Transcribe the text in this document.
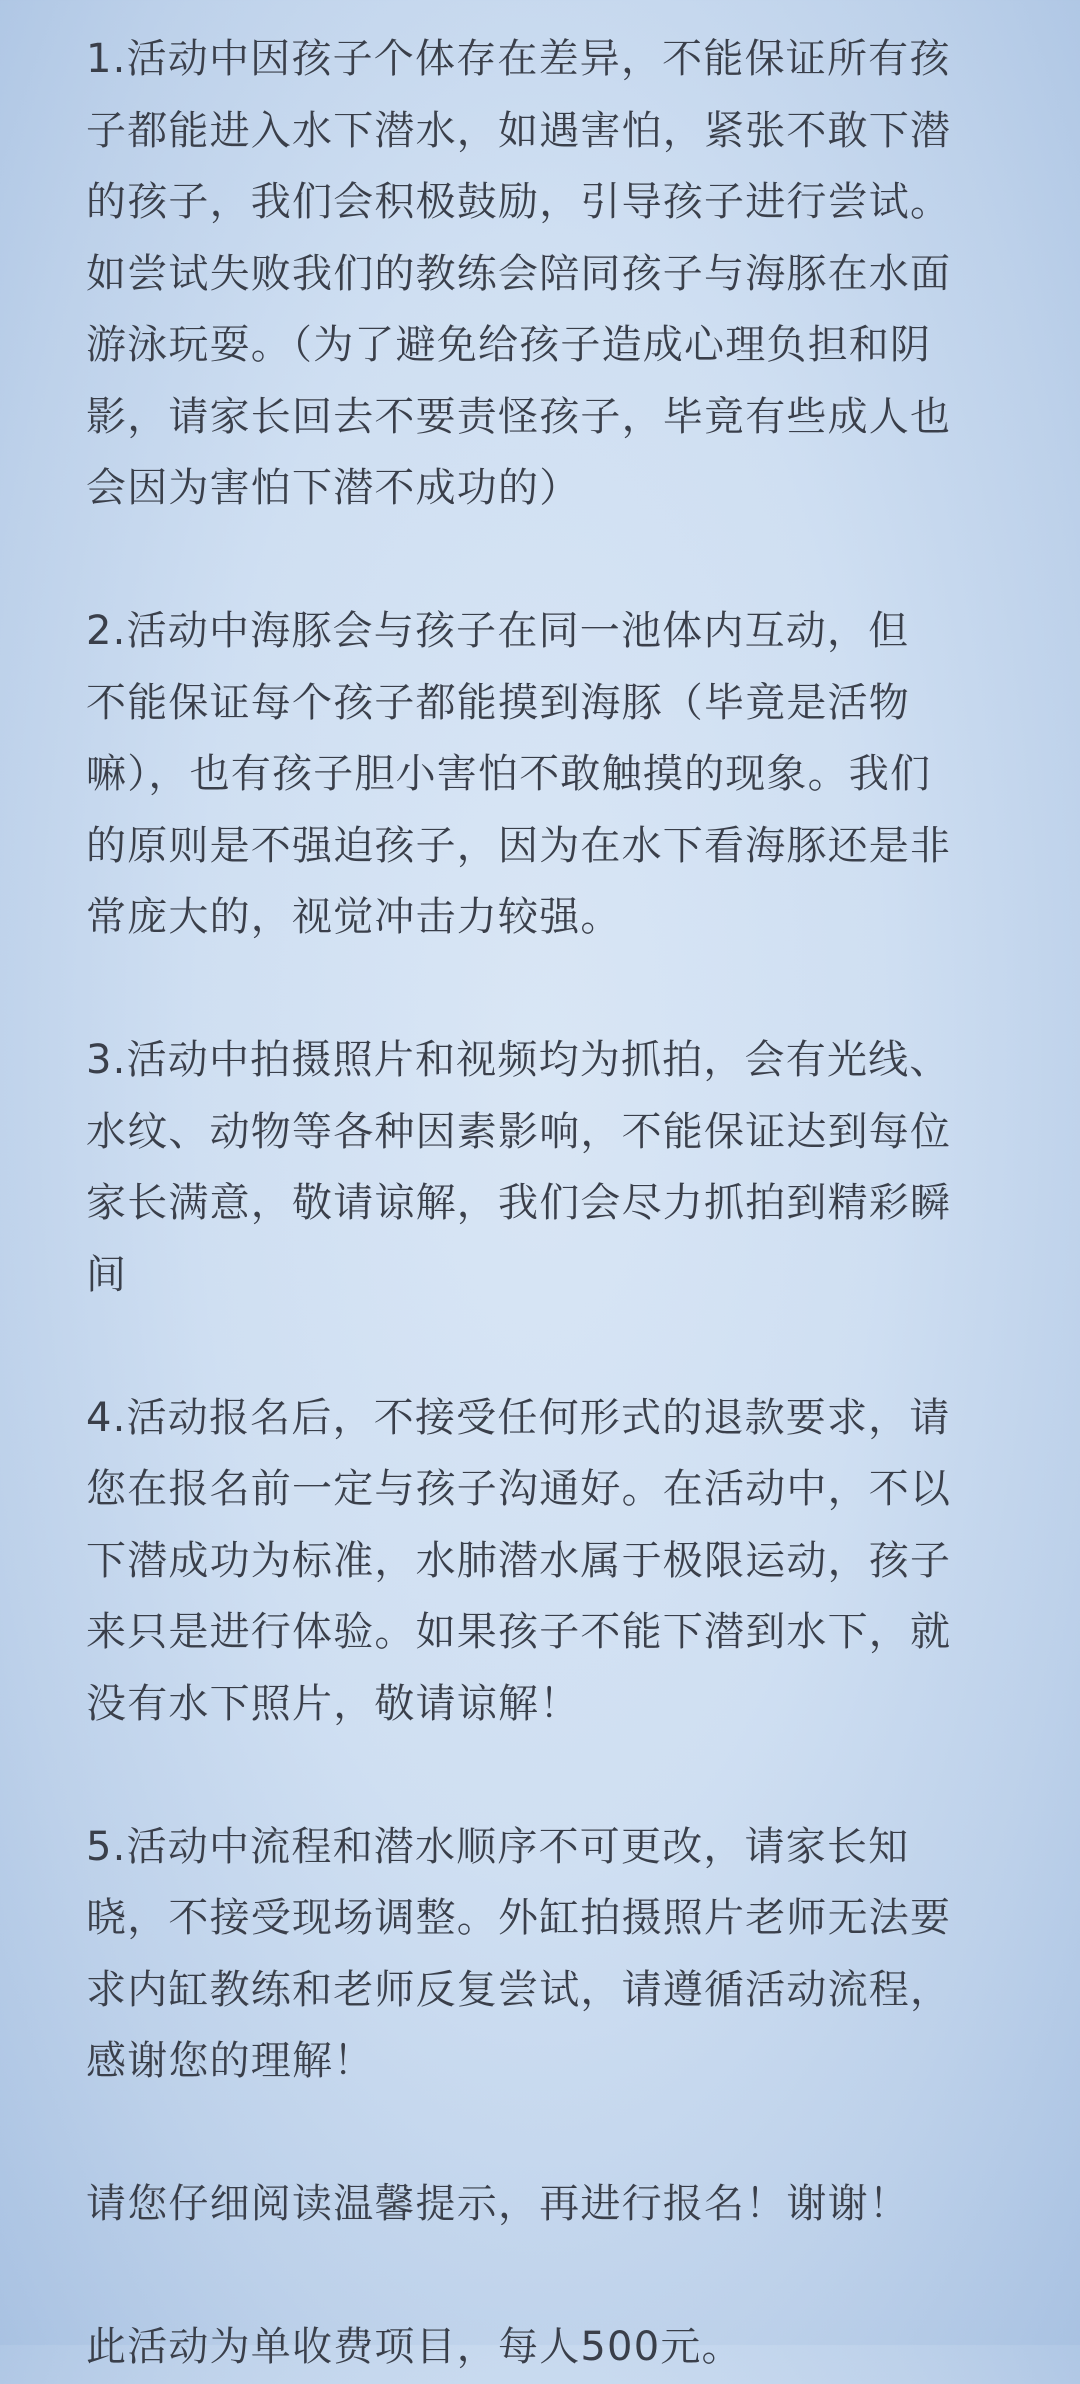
1.活动中因孩子个体存在差异，不能保证所有孩
子都能进入水下潜水，如遇害怕，紧张不敢下潜
的孩子，我们会积极鼓励，引导孩子进行尝试。
如尝试失败我们的教练会陪同孩子与海豚在水面
游泳玩耍。（为了避免给孩子造成心理负担和阴
影，请家长回去不要责怪孩子，毕竟有些成人也
会因为害怕下潜不成功的）

2.活动中海豚会与孩子在同一池体内互动，但
不能保证每个孩子都能摸到海豚（毕竟是活物
嘛），也有孩子胆小害怕不敢触摸的现象。我们
的原则是不强迫孩子，因为在水下看海豚还是非
常庞大的，视觉冲击力较强。

3.活动中拍摄照片和视频均为抓拍，会有光线、
水纹、动物等各种因素影响，不能保证达到每位
家长满意，敬请谅解，我们会尽力抓拍到精彩瞬
间

4.活动报名后，不接受任何形式的退款要求，请
您在报名前一定与孩子沟通好。在活动中，不以
下潜成功为标准，水肺潜水属于极限运动，孩子
来只是进行体验。如果孩子不能下潜到水下，就
没有水下照片，敬请谅解！

5.活动中流程和潜水顺序不可更改，请家长知
晓，不接受现场调整。外缸拍摄照片老师无法要
求内缸教练和老师反复尝试，请遵循活动流程，
感谢您的理解！

请您仔细阅读温馨提示，再进行报名！谢谢！

此活动为单收费项目，每人500元。
